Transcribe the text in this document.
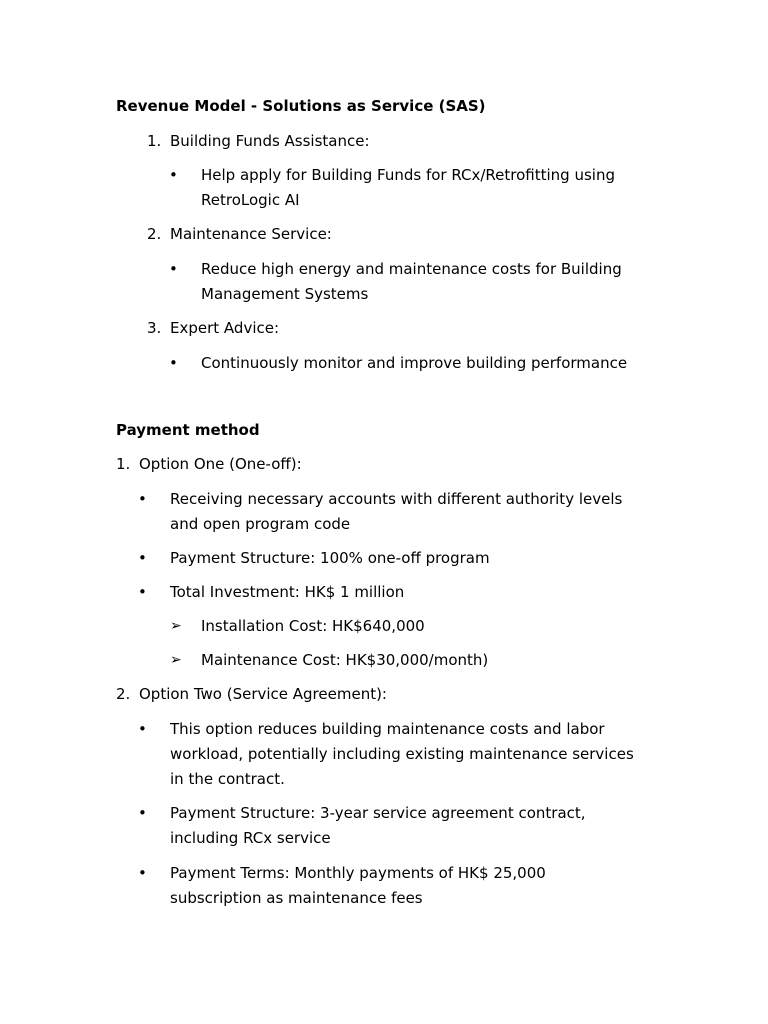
Revenue Model - Solutions as Service (SAS)
1. Building Funds Assistance:
• Help apply for Building Funds for RCx/Retrofitting using
RetroLogic AI
2. Maintenance Service:
• Reduce high energy and maintenance costs for Building
Management Systems
3. Expert Advice:
• Continuously monitor and improve building performance
Payment method
1. Option One (One-off):
• Receiving necessary accounts with different authority levels
and open program code
• Payment Structure: 100% one-off program
• Total Investment: HK$ 1 million
➢ Installation Cost: HK$640,000
➢ Maintenance Cost: HK$30,000/month)
2. Option Two (Service Agreement):
• This option reduces building maintenance costs and labor
workload, potentially including existing maintenance services
in the contract.
• Payment Structure: 3-year service agreement contract,
including RCx service
• Payment Terms: Monthly payments of HK$ 25,000
subscription as maintenance fees
